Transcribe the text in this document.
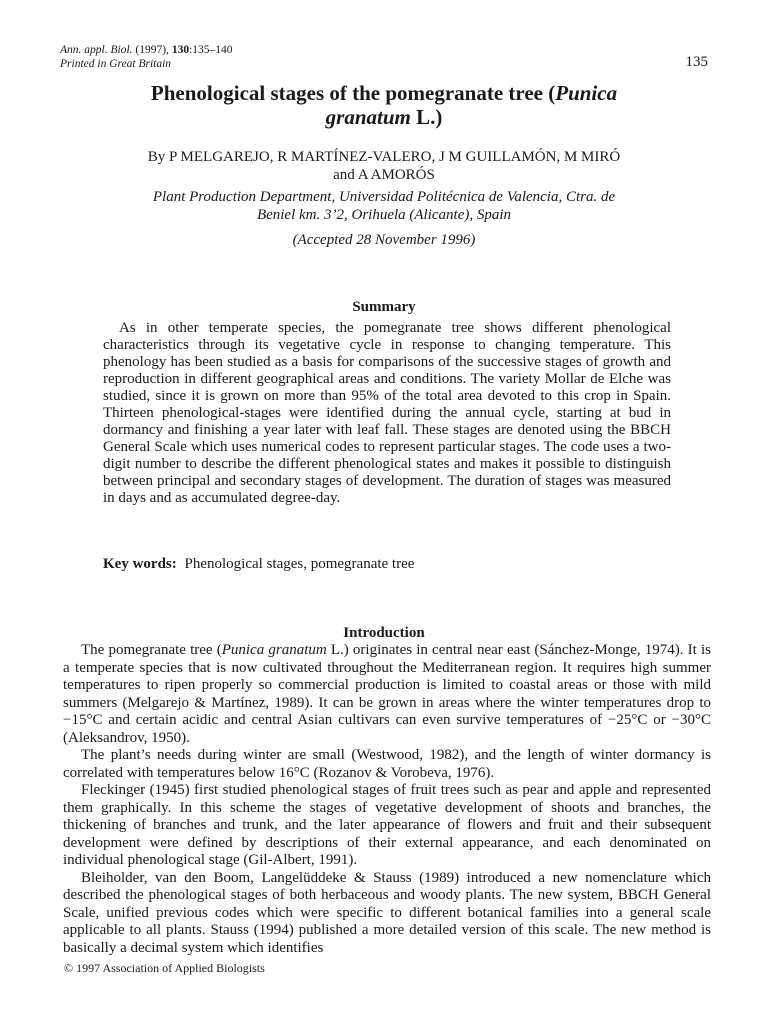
Ann. appl. Biol. (1997), 130:135–140
Printed in Great Britain	135
Phenological stages of the pomegranate tree (Punica
granatum L.)
By P MELGAREJO, R MARTÍNEZ-VALERO, J M GUILLAMÓN, M MIRÓ
and A AMORÓS
Plant Production Department, Universidad Politécnica de Valencia, Ctra. de
Beniel km. 3’2, Orihuela (Alicante), Spain
(Accepted 28 November 1996)
Summary

As in other temperate species, the pomegranate tree shows different phenological characteristics through its vegetative cycle in response to changing temperature. This phenology has been studied as a basis for comparisons of the successive stages of growth and reproduction in different geographical areas and conditions. The variety Mollar de Elche was studied, since it is grown on more than 95% of the total area devoted to this crop in Spain. Thirteen phenological-stages were identified during the annual cycle, starting at bud in dormancy and finishing a year later with leaf fall. These stages are denoted using the BBCH General Scale which uses numerical codes to represent particular stages. The code uses a two-digit number to describe the different phenological states and makes it possible to distinguish between principal and secondary stages of development. The duration of stages was measured in days and as accumulated degree-day.

Key words: Phenological stages, pomegranate tree
Introduction

The pomegranate tree (Punica granatum L.) originates in central near east (Sánchez-Monge, 1974). It is a temperate species that is now cultivated throughout the Mediterranean region. It requires high summer temperatures to ripen properly so commercial production is limited to coastal areas or those with mild summers (Melgarejo & Martínez, 1989). It can be grown in areas where the winter temperatures drop to −15°C and certain acidic and central Asian cultivars can even survive temperatures of −25°C or −30°C (Aleksandrov, 1950).

The plant’s needs during winter are small (Westwood, 1982), and the length of winter dormancy is correlated with temperatures below 16°C (Rozanov & Vorobeva, 1976).

Fleckinger (1945) first studied phenological stages of fruit trees such as pear and apple and represented them graphically. In this scheme the stages of vegetative development of shoots and branches, the thickening of branches and trunk, and the later appearance of flowers and fruit and their subsequent development were defined by descriptions of their external appearance, and each denominated on individual phenological stage (Gil-Albert, 1991).

Bleiholder, van den Boom, Langelüddeke & Stauss (1989) introduced a new nomenclature which described the phenological stages of both herbaceous and woody plants. The new system, BBCH General Scale, unified previous codes which were specific to different botanical families into a general scale applicable to all plants. Stauss (1994) published a more detailed version of this scale. The new method is basically a decimal system which identifies

© 1997 Association of Applied Biologists
